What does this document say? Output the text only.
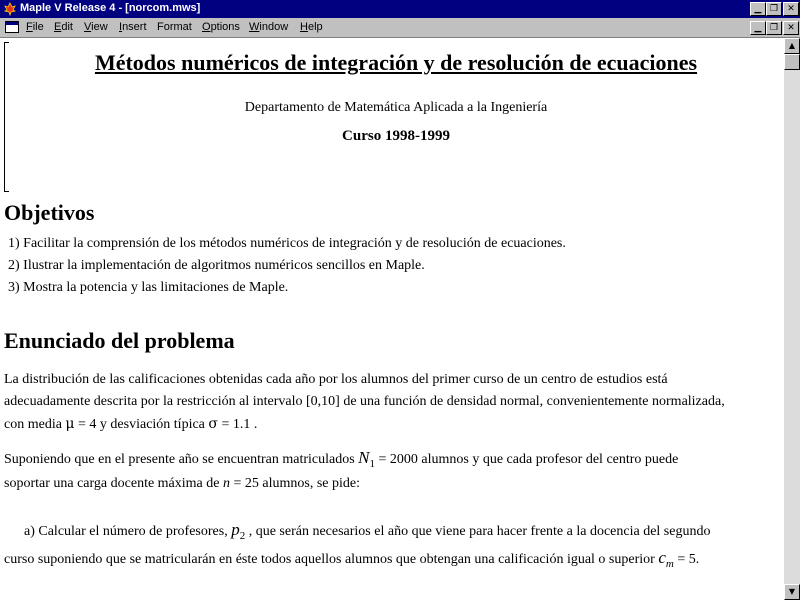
Maple V Release 4 - [norcom.mws]	▁ ❐	✕
File Edit View Insert Format Options Window Help	▁ ❐	✕
Métodos numéricos de integración y de resolución de ecuaciones
Departamento de Matemática Aplicada a la Ingeniería
Curso 1998-1999
Objetivos
1) Facilitar la comprensión de los métodos numéricos de integración y de resolución de ecuaciones.
2) Ilustrar la implementación de algoritmos numéricos sencillos en Maple.
3) Mostra la potencia y las limitaciones de Maple.
Enunciado del problema
La distribución de las calificaciones obtenidas cada año por los alumnos del primer curso de un centro de estudios está
adecuadamente descrita por la restricción al intervalo [0,10] de una función de densidad normal, convenientemente normalizada,
con media μ = 4 y desviación típica σ = 1.1 .
Suponiendo que en el presente año se encuentran matriculados $N_1 = 2000$ alumnos y que cada profesor del centro puede
soportar una carga docente máxima de n = 25 alumnos, se pide:
a) Calcular el número de profesores, $p_2$ , que serán necesarios el año que viene para hacer frente a la docencia del segundo
curso suponiendo que se matricularán en éste todos aquellos alumnos que obtengan una calificación igual o superior $c_m = 5$.
▲
▼
